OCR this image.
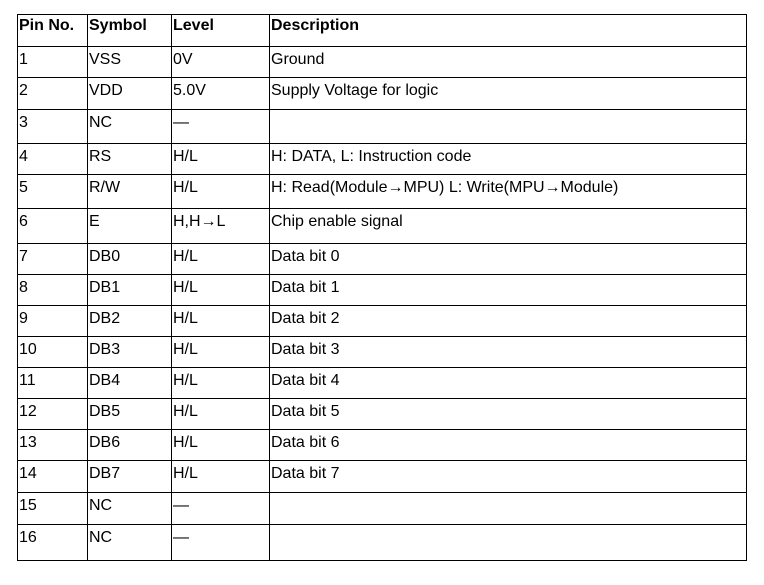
Pin No.	Symbol	Level	Description
1	VSS	0V	Ground
2	VDD	5.0V	Supply Voltage for logic
3	NC	—	
4	RS	H/L	H: DATA, L: Instruction code
5	R/W	H/L	H: Read(Module→MPU) L: Write(MPU→Module)
6	E	H,H→L	Chip enable signal
7	DB0	H/L	Data bit 0
8	DB1	H/L	Data bit 1
9	DB2	H/L	Data bit 2
10	DB3	H/L	Data bit 3
11	DB4	H/L	Data bit 4
12	DB5	H/L	Data bit 5
13	DB6	H/L	Data bit 6
14	DB7	H/L	Data bit 7
15	NC	—	
16	NC	—	
